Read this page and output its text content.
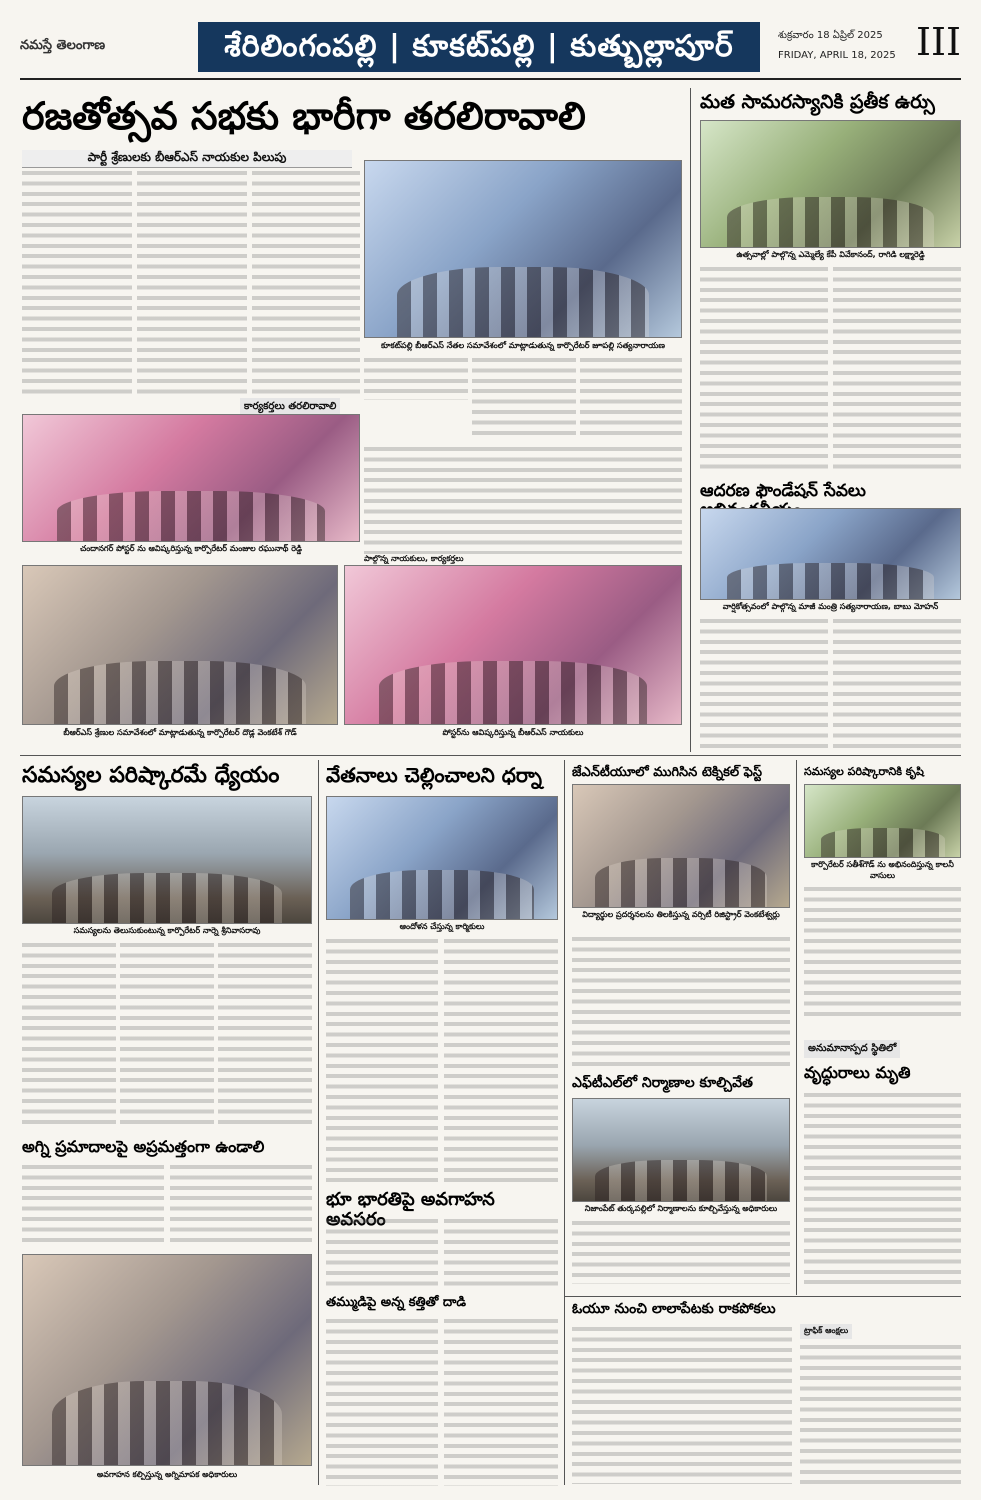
నమస్తే తెలంగాణ	శేరిలింగంపల్లి | కూకట్‌పల్లి | కుత్బుల్లాపూర్	శుక్రవారం 18 ఏప్రిల్ 2025
FRIDAY, APRIL 18, 2025 III
రజతోత్సవ సభకు భారీగా తరలిరావాలి
పార్టీ శ్రేణులకు బీఆర్ఎస్ నాయకుల పిలుపు
కూకట్‌పల్లి బీఆర్ఎస్ నేతల సమావేశంలో మాట్లాడుతున్న కార్పొరేటర్ జూపల్లి సత్యనారాయణ
కార్యకర్తలు తరలిరావాలి
చందానగర్ పోస్టర్ ను ఆవిష్కరిస్తున్న కార్పొరేటర్ మంజుల రఘునాథ్ రెడ్డి
పాల్గొన్న నాయకులు, కార్యకర్తలు
బీఆర్ఎస్ శ్రేణుల సమావేశంలో మాట్లాడుతున్న కార్పొరేటర్ దొడ్ల వెంకటేశ్ గౌడ్	పోస్టర్‌ను ఆవిష్కరిస్తున్న బీఆర్ఎస్ నాయకులు
మత సామరస్యానికి ప్రతీక ఉర్సు
ఉత్సవాల్లో పాల్గొన్న ఎమ్మెల్యే కేపీ వివేకానంద్, రాగిడి లక్ష్మారెడ్డి
ఆదరణ ఫౌండేషన్ సేవలు
వార్షికోత్సవంలో పాల్గొన్న మాజీ మంత్రి సత్యనారాయణ, బాబు మోహన్
సమస్యల పరిష్కారమే ధ్యేయం
సమస్యలను తెలుసుకుంటున్న కార్పొరేటర్ నార్నె శ్రీనివాసరావు
అగ్ని ప్రమాదాలపై అప్రమత్తంగా ఉండాలి
అవగాహన కల్పిస్తున్న అగ్నిమాపక అధికారులు
వేతనాలు చెల్లించాలని ధర్నా
ఆందోళన చేస్తున్న కార్మికులు
భూ భారతిపై అవగాహన అవసరం
తమ్ముడిపై అన్న కత్తితో దాడి
జేఎన్‌టీయూలో ముగిసిన టెక్నికల్ ఫెస్ట్
విద్యార్థుల ప్రదర్శనలను తిలకిస్తున్న వర్సిటీ రిజిస్ట్రార్ వెంకటేశ్వర్లు
ఎఫ్‌టీఎల్‌లో నిర్మాణాల కూల్చివేత
నిజాంపేట్ తుర్కపల్లిలో నిర్మాణాలను కూల్చివేస్తున్న అధికారులు
సమస్యల పరిష్కారానికి కృషి
కార్పొరేటర్ సతీశ్‌గౌడ్ ను అభినందిస్తున్న కాలనీ వాసులు
అనుమానాస్పద స్థితిలో
వృద్ధురాలు మృతి
ఓయూ నుంచి లాలాపేటకు రాకపోకలు
ట్రాఫిక్ ఆంక్షలు
